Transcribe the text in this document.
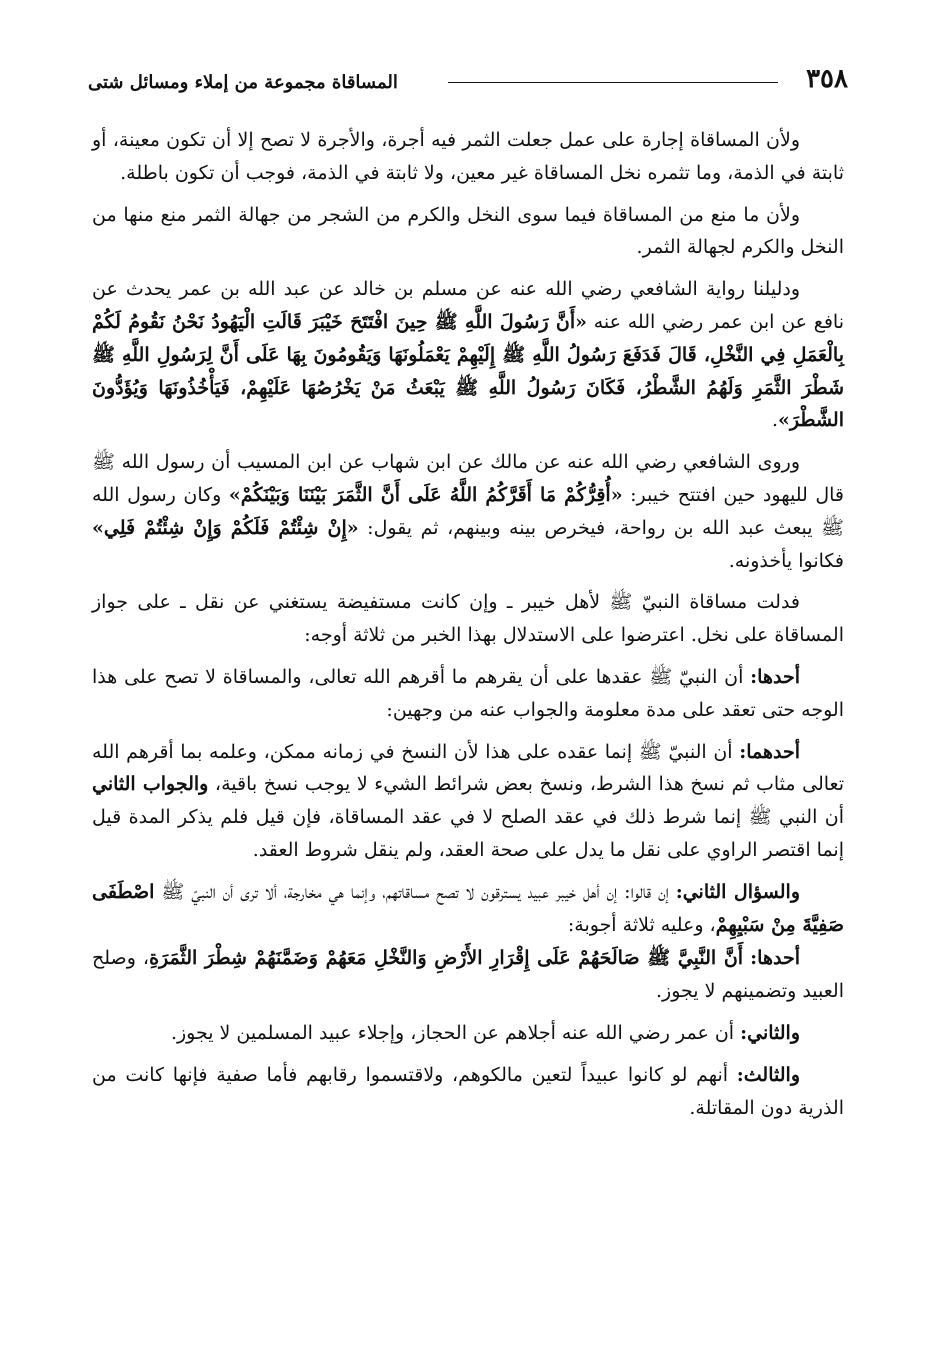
٣٥٨
المساقاة مجموعة من إملاء ومسائل شتى

ولأن المساقاة إجارة على عمل جعلت الثمر فيه أجرة، والأجرة لا تصح إلا أن تكون معينة، أو ثابتة في الذمة، وما تثمره نخل المساقاة غير معين، ولا ثابتة في الذمة، فوجب أن تكون باطلة.

ولأن ما منع من المساقاة فيما سوى النخل والكرم من الشجر من جهالة الثمر منع منها من النخل والكرم لجهالة الثمر.

ودليلنا رواية الشافعي رضي الله عنه عن مسلم بن خالد عن عبد الله بن عمر يحدث عن نافع عن ابن عمر رضي الله عنه «أَنَّ رَسُولَ اللَّهِ ﷺ حِينَ افْتَتَحَ خَيْبَرَ قَالَتِ الْيَهُودُ نَحْنُ نَقُومُ لَكُمْ بِالْعَمَلِ فِي النَّخْلِ، قَالَ فَدَفَعَ رَسُولُ اللَّهِ ﷺ إِلَيْهِمْ يَعْمَلُونَهَا وَيَقُومُونَ بِهَا عَلَى أَنَّ لِرَسُولِ اللَّهِ ﷺ شَطْرَ الثَّمَرِ وَلَهُمُ الشَّطْرُ، فَكَانَ رَسُولُ اللَّهِ ﷺ يَبْعَثُ مَنْ يَخْرُصُهَا عَلَيْهِمْ، فَيَأْخُذُونَهَا وَيُؤَدُّونَ الشَّطْرَ».

وروى الشافعي رضي الله عنه عن مالك عن ابن شهاب عن ابن المسيب أن رسول الله ﷺ قال لليهود حين افتتح خيبر: «أُقِرُّكُمْ مَا أَقَرَّكُمُ اللَّهُ عَلَى أَنَّ الثَّمَرَ بَيْنَنَا وَبَيْنَكُمْ» وكان رسول الله ﷺ يبعث عبد الله بن رواحة، فيخرص بينه وبينهم، ثم يقول: «إِنْ شِئْتُمْ فَلَكُمْ وَإِنْ شِئْتُمْ فَلِي» فكانوا يأخذونه.

فدلت مساقاة النبيّ ﷺ لأهل خيبر ـ وإن كانت مستفيضة يستغني عن نقل ـ على جواز المساقاة على نخل. اعترضوا على الاستدلال بهذا الخبر من ثلاثة أوجه:

أحدها: أن النبيّ ﷺ عقدها على أن يقرهم ما أقرهم الله تعالى، والمساقاة لا تصح على هذا الوجه حتى تعقد على مدة معلومة والجواب عنه من وجهين:

أحدهما: أن النبيّ ﷺ إنما عقده على هذا لأن النسخ في زمانه ممكن، وعلمه بما أقرهم الله تعالى مثاب ثم نسخ هذا الشرط، ونسخ بعض شرائط الشيء لا يوجب نسخ باقية، والجواب الثاني أن النبي ﷺ إنما شرط ذلك في عقد الصلح لا في عقد المساقاة، فإن قيل فلم يذكر المدة قيل إنما اقتصر الراوي على نقل ما يدل على صحة العقد، ولم ينقل شروط العقد.

والسؤال الثاني: إن قالوا: إن أهل خيبر عبيد يسترقون لا تصح مساقاتهم، وإنما هي مخارجة، ألا ترى أن النبيّ ﷺ اصْطَفَى صَفِيَّةَ مِنْ سَبْيِهِمْ، وعليه ثلاثة أجوبة:

أحدها: أَنَّ النَّبِيَّ ﷺ صَالَحَهُمْ عَلَى إِقْرَارِ الأَرْضِ وَالنَّخْلِ مَعَهُمْ وَضَمَّنَهُمْ شِطْرَ الثَّمَرَةِ، وصلح العبيد وتضمينهم لا يجوز.

والثاني: أن عمر رضي الله عنه أجلاهم عن الحجاز، وإجلاء عبيد المسلمين لا يجوز.

والثالث: أنهم لو كانوا عبيداً لتعين مالكوهم، ولاقتسموا رقابهم فأما صفية فإنها كانت من الذرية دون المقاتلة.
